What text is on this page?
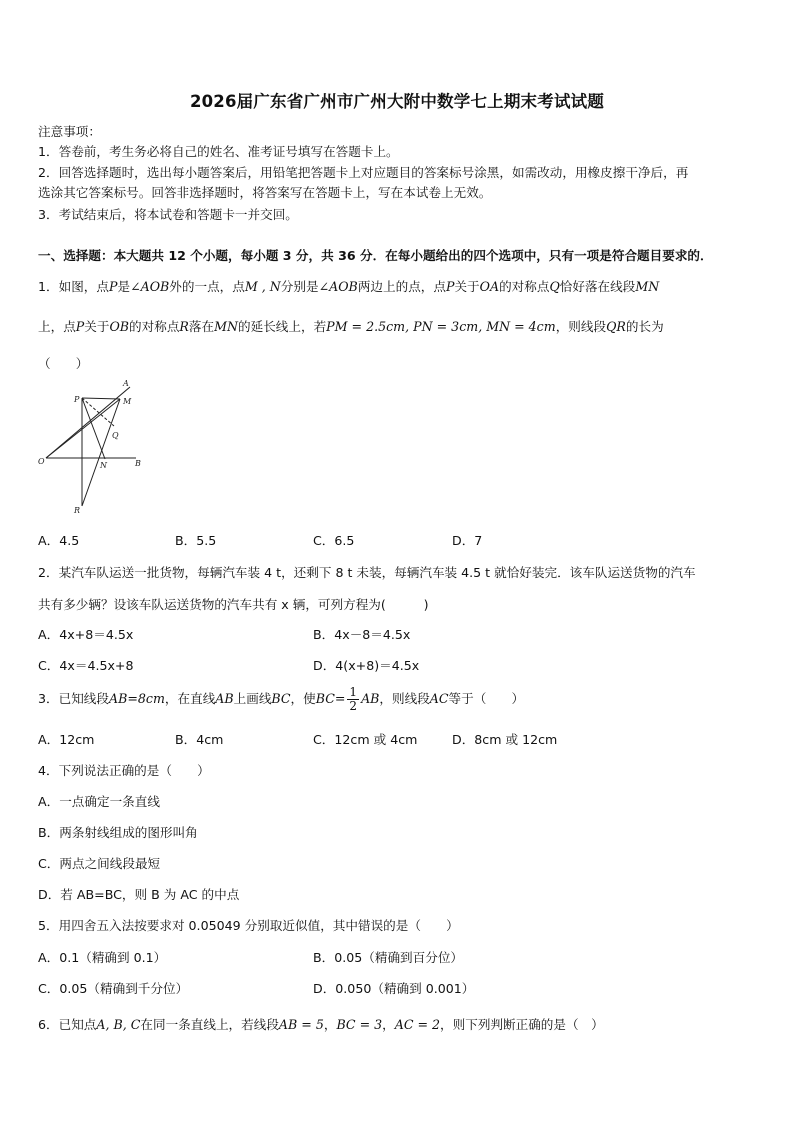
2026届广东省广州市广州大附中数学七上期末考试试题
注意事项：
1．答卷前，考生务必将自己的姓名、准考证号填写在答题卡上。
2．回答选择题时，选出每小题答案后，用铅笔把答题卡上对应题目的答案标号涂黑，如需改动，用橡皮擦干净后，再
选涂其它答案标号。回答非选择题时，将答案写在答题卡上，写在本试卷上无效。
3．考试结束后，将本试卷和答题卡一并交回。
一、选择题：本大题共 12 个小题，每小题 3 分，共 36 分．在每小题给出的四个选项中，只有一项是符合题目要求的．
1．如图，点P是∠AOB外的一点，点M , N分别是∠AOB两边上的点，点P关于OA的对称点Q恰好落在线段MN
上，点P关于OB的对称点R落在MN的延长线上，若PM = 2.5cm, PN = 3cm, MN = 4cm，则线段QR的长为
（　　）
A
P	M
Q
O	N	B
R
A．4.5	B．5.5	C．6.5	D．7
2．某汽车队运送一批货物，每辆汽车装 4 t，还剩下 8 t 未装，每辆汽车装 4.5 t 就恰好装完．该车队运送货物的汽车
共有多少辆？设该车队运送货物的汽车共有 x 辆，可列方程为(　　　)
A．4x+8＝4.5x	B．4x－8＝4.5x
C．4x＝4.5x+8	D．4(x+8)＝4.5x
3．已知线段AB=8cm，在直线AB上画线BC，使$BC= \frac{1}{2}$ AB，则线段AC等于（　　）
A．12cm	B．4cm	C．12cm 或 4cm	D．8cm 或 12cm
4．下列说法正确的是（　　）
A．一点确定一条直线
B．两条射线组成的图形叫角
C．两点之间线段最短
D．若 AB=BC，则 B 为 AC 的中点
5．用四舍五入法按要求对 0.05049 分别取近似值，其中错误的是（　　）
A．0.1（精确到 0.1）	B．0.05（精确到百分位）
C．0.05（精确到千分位）	D．0.050（精确到 0.001）
6．已知点A, B, C在同一条直线上，若线段AB = 5，BC = 3，AC = 2，则下列判断正确的是（　）
